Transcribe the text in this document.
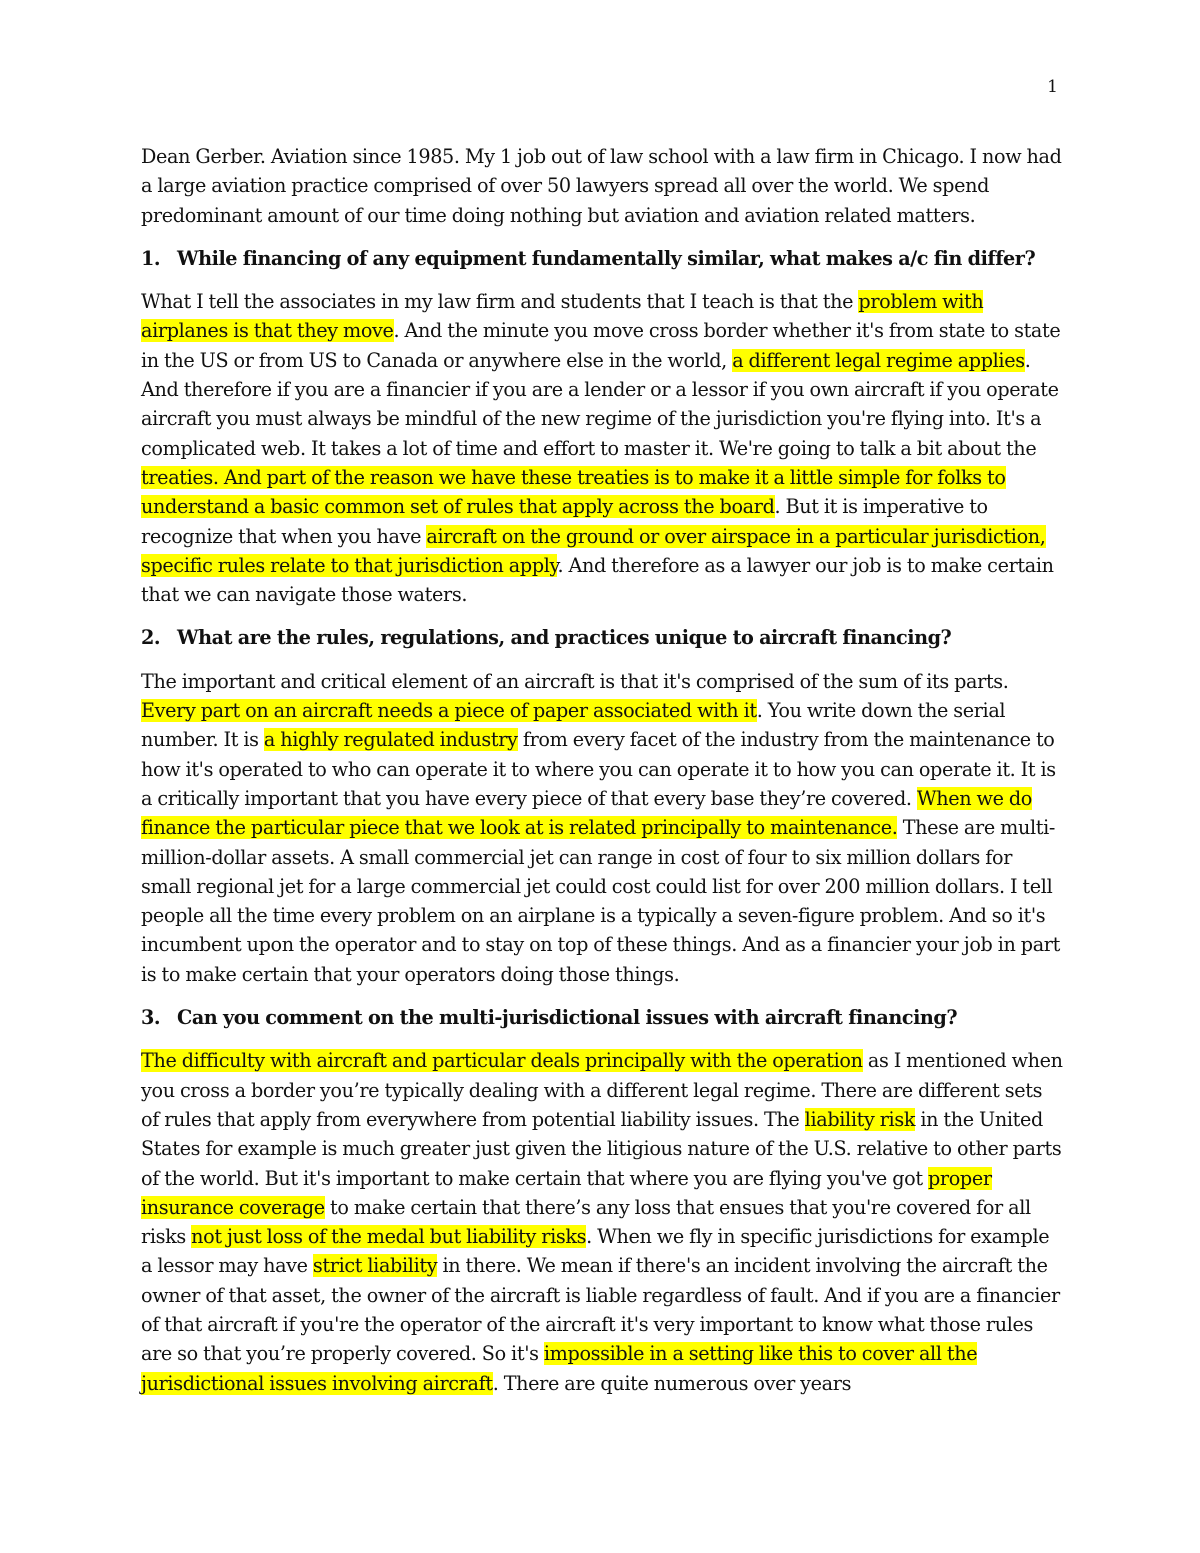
1

Dean Gerber. Aviation since 1985. My 1 job out of law school with a law firm in Chicago. I now had a large aviation practice comprised of over 50 lawyers spread all over the world. We spend predominant amount of our time doing nothing but aviation and aviation related matters.

1. While financing of any equipment fundamentally similar, what makes a/c fin differ?

What I tell the associates in my law firm and students that I teach is that the problem with airplanes is that they move. And the minute you move cross border whether it's from state to state in the US or from US to Canada or anywhere else in the world, a different legal regime applies. And therefore if you are a financier if you are a lender or a lessor if you own aircraft if you operate aircraft you must always be mindful of the new regime of the jurisdiction you're flying into. It's a complicated web. It takes a lot of time and effort to master it. We're going to talk a bit about the treaties. And part of the reason we have these treaties is to make it a little simple for folks to understand a basic common set of rules that apply across the board. But it is imperative to recognize that when you have aircraft on the ground or over airspace in a particular jurisdiction, specific rules relate to that jurisdiction apply. And therefore as a lawyer our job is to make certain that we can navigate those waters.

2. What are the rules, regulations, and practices unique to aircraft financing?

The important and critical element of an aircraft is that it's comprised of the sum of its parts. Every part on an aircraft needs a piece of paper associated with it. You write down the serial number. It is a highly regulated industry from every facet of the industry from the maintenance to how it's operated to who can operate it to where you can operate it to how you can operate it. It is a critically important that you have every piece of that every base they’re covered. When we do finance the particular piece that we look at is related principally to maintenance. These are multi-million-dollar assets. A small commercial jet can range in cost of four to six million dollars for small regional jet for a large commercial jet could cost could list for over 200 million dollars. I tell people all the time every problem on an airplane is a typically a seven-figure problem. And so it's incumbent upon the operator and to stay on top of these things. And as a financier your job in part is to make certain that your operators doing those things.

3. Can you comment on the multi-jurisdictional issues with aircraft financing?

The difficulty with aircraft and particular deals principally with the operation as I mentioned when you cross a border you’re typically dealing with a different legal regime. There are different sets of rules that apply from everywhere from potential liability issues. The liability risk in the United States for example is much greater just given the litigious nature of the U.S. relative to other parts of the world. But it's important to make certain that where you are flying you've got proper insurance coverage to make certain that there’s any loss that ensues that you're covered for all risks not just loss of the medal but liability risks. When we fly in specific jurisdictions for example a lessor may have strict liability in there. We mean if there's an incident involving the aircraft the owner of that asset, the owner of the aircraft is liable regardless of fault. And if you are a financier of that aircraft if you're the operator of the aircraft it's very important to know what those rules are so that you’re properly covered. So it's impossible in a setting like this to cover all the jurisdictional issues involving aircraft. There are quite numerous over years
